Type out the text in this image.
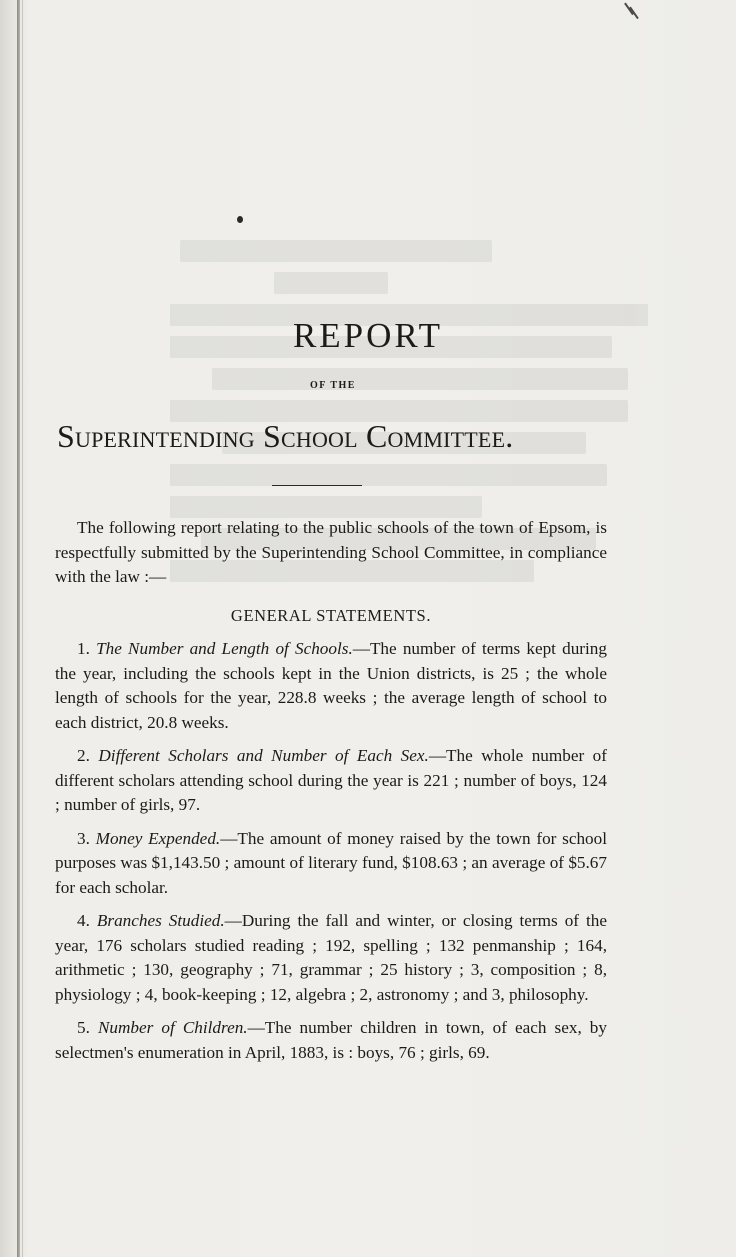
REPORT
OF THE
Superintending School Committee.

The following report relating to the public schools of the town of Epsom, is respectfully submitted by the Superintending School Committee, in compliance with the law :—

GENERAL STATEMENTS.

1. The Number and Length of Schools.—The number of terms kept during the year, including the schools kept in the Union districts, is 25 ; the whole length of schools for the year, 228.8 weeks ; the average length of school to each district, 20.8 weeks.

2. Different Scholars and Number of Each Sex.—The whole number of different scholars attending school during the year is 221 ; number of boys, 124 ; number of girls, 97.

3. Money Expended.—The amount of money raised by the town for school purposes was $1,143.50 ; amount of literary fund, $108.63 ; an average of $5.67 for each scholar.

4. Branches Studied.—During the fall and winter, or closing terms of the year, 176 scholars studied reading ; 192, spelling ; 132 penmanship ; 164, arithmetic ; 130, geography ; 71, grammar ; 25 history ; 3, composition ; 8, physiology ; 4, book-keeping ; 12, algebra ; 2, astronomy ; and 3, philosophy.

5. Number of Children.—The number children in town, of each sex, by selectmen's enumeration in April, 1883, is : boys, 76 ; girls, 69.
